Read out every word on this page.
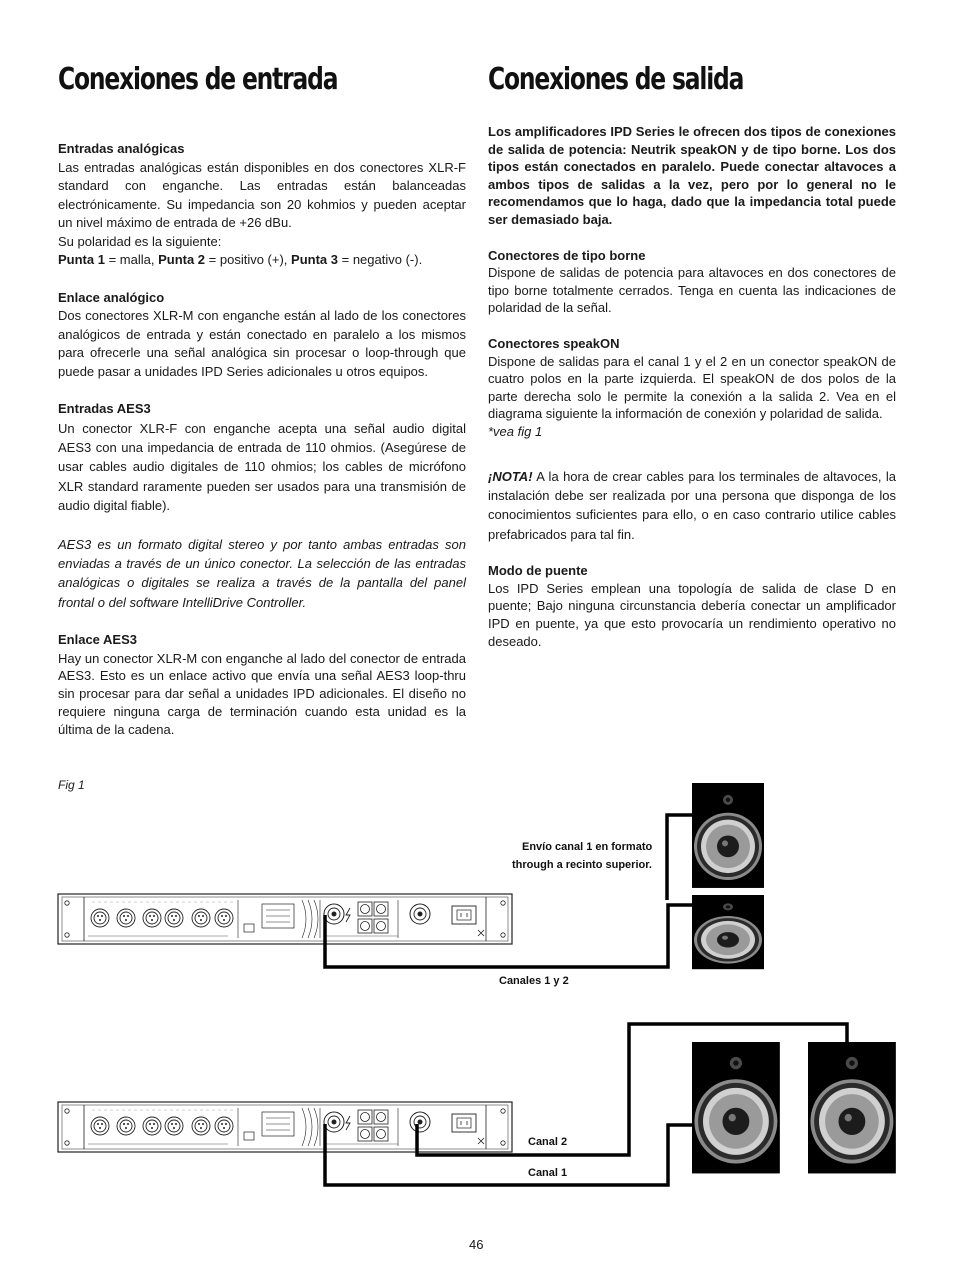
Conexiones de entrada	Conexiones de salida

Entradas analógicas

Las entradas analógicas están disponibles en dos conectores XLR-F standard con enganche. Las entradas están balanceadas electrónicamente. Su impedancia son 20 kohmios y pueden aceptar un nivel máximo de entrada de +26 dBu.

Su polaridad es la siguiente:

Punta 1 = malla, Punta 2 = positivo (+), Punta 3 = negativo (-).

Enlace analógico

Dos conectores XLR-M con enganche están al lado de los conectores analógicos de entrada y están conectado en paralelo a los mismos para ofrecerle una señal analógica sin procesar o loop-through que puede pasar a unidades IPD Series adicionales u otros equipos.

Entradas AES3

Un conector XLR-F con enganche acepta una señal audio digital AES3 con una impedancia de entrada de 110 ohmios. (Asegúrese de usar cables audio digitales de 110 ohmios; los cables de micrófono XLR standard raramente pueden ser usados para una transmisión de audio digital fiable).

AES3 es un formato digital stereo y por tanto ambas entradas son enviadas a través de un único conector. La selección de las entradas analógicas o digitales se realiza a través de la pantalla del panel frontal o del software IntelliDrive Controller.

Enlace AES3

Hay un conector XLR-M con enganche al lado del conector de entrada AES3. Esto es un enlace activo que envía una señal AES3 loop-thru sin procesar para dar señal a unidades IPD adicionales. El diseño no requiere ninguna carga de terminación cuando esta unidad es la última de la cadena.

Los amplificadores IPD Series le ofrecen dos tipos de conexiones de salida de potencia: Neutrik speakON y de tipo borne. Los dos tipos están conectados en paralelo. Puede conectar altavoces a ambos tipos de salidas a la vez, pero por lo general no le recomendamos que lo haga, dado que la impedancia total puede ser demasiado baja.

Conectores de tipo borne

Dispone de salidas de potencia para altavoces en dos conectores de tipo borne totalmente cerrados. Tenga en cuenta las indicaciones de polaridad de la señal.

Conectores speakON

Dispone de salidas para el canal 1 y el 2 en un conector speakON de cuatro polos en la parte izquierda. El speakON de dos polos de la parte derecha solo le permite la conexión a la salida 2. Vea en el diagrama siguiente la información de conexión y polaridad de salida.

*vea fig 1

¡NOTA! A la hora de crear cables para los terminales de altavoces, la instalación debe ser realizada por una persona que disponga de los conocimientos suficientes para ello, o en caso contrario utilice cables prefabricados para tal fin.

Modo de puente

Los IPD Series emplean una topología de salida de clase D en puente; Bajo ninguna circunstancia debería conectar un amplificador IPD en puente, ya que esto provocaría un rendimiento operativo no deseado.

Fig 1
Envío canal 1 en formato
through a recinto superior.
Canales 1 y 2
Canal 2
Canal 1
46
